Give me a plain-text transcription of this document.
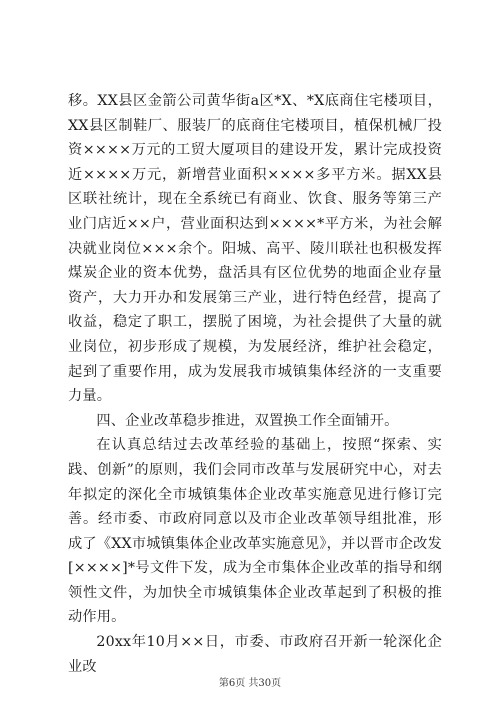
移。XX县区金箭公司黄华街a区*X、*X底商住宅楼项目，XX县区制鞋厂、服装厂的底商住宅楼项目，植保机械厂投资××××万元的工贸大厦项目的建设开发，累计完成投资近××××万元，新增营业面积××××多平方米。据XX县区联社统计，现在全系统已有商业、饮食、服务等第三产业门店近××户，营业面积达到××××*平方米，为社会解决就业岗位×××余个。阳城、高平、陵川联社也积极发挥煤炭企业的资本优势，盘活具有区位优势的地面企业存量资产，大力开办和发展第三产业，进行特色经营，提高了收益，稳定了职工，摆脱了困境，为社会提供了大量的就业岗位，初步形成了规模，为发展经济，维护社会稳定，起到了重要作用，成为发展我市城镇集体经济的一支重要力量。

四、企业改革稳步推进，双置换工作全面铺开。

在认真总结过去改革经验的基础上，按照“探索、实践、创新”的原则，我们会同市改革与发展研究中心，对去年拟定的深化全市城镇集体企业改革实施意见进行修订完善。经市委、市政府同意以及市企业改革领导组批准，形成了《XX市城镇集体企业改革实施意见》，并以晋市企改发[××××]*号文件下发，成为全市集体企业改革的指导和纲领性文件，为加快全市城镇集体企业改革起到了积极的推动作用。

20xx年10月××日，市委、市政府召开新一轮深化企业改

第6页 共30页
